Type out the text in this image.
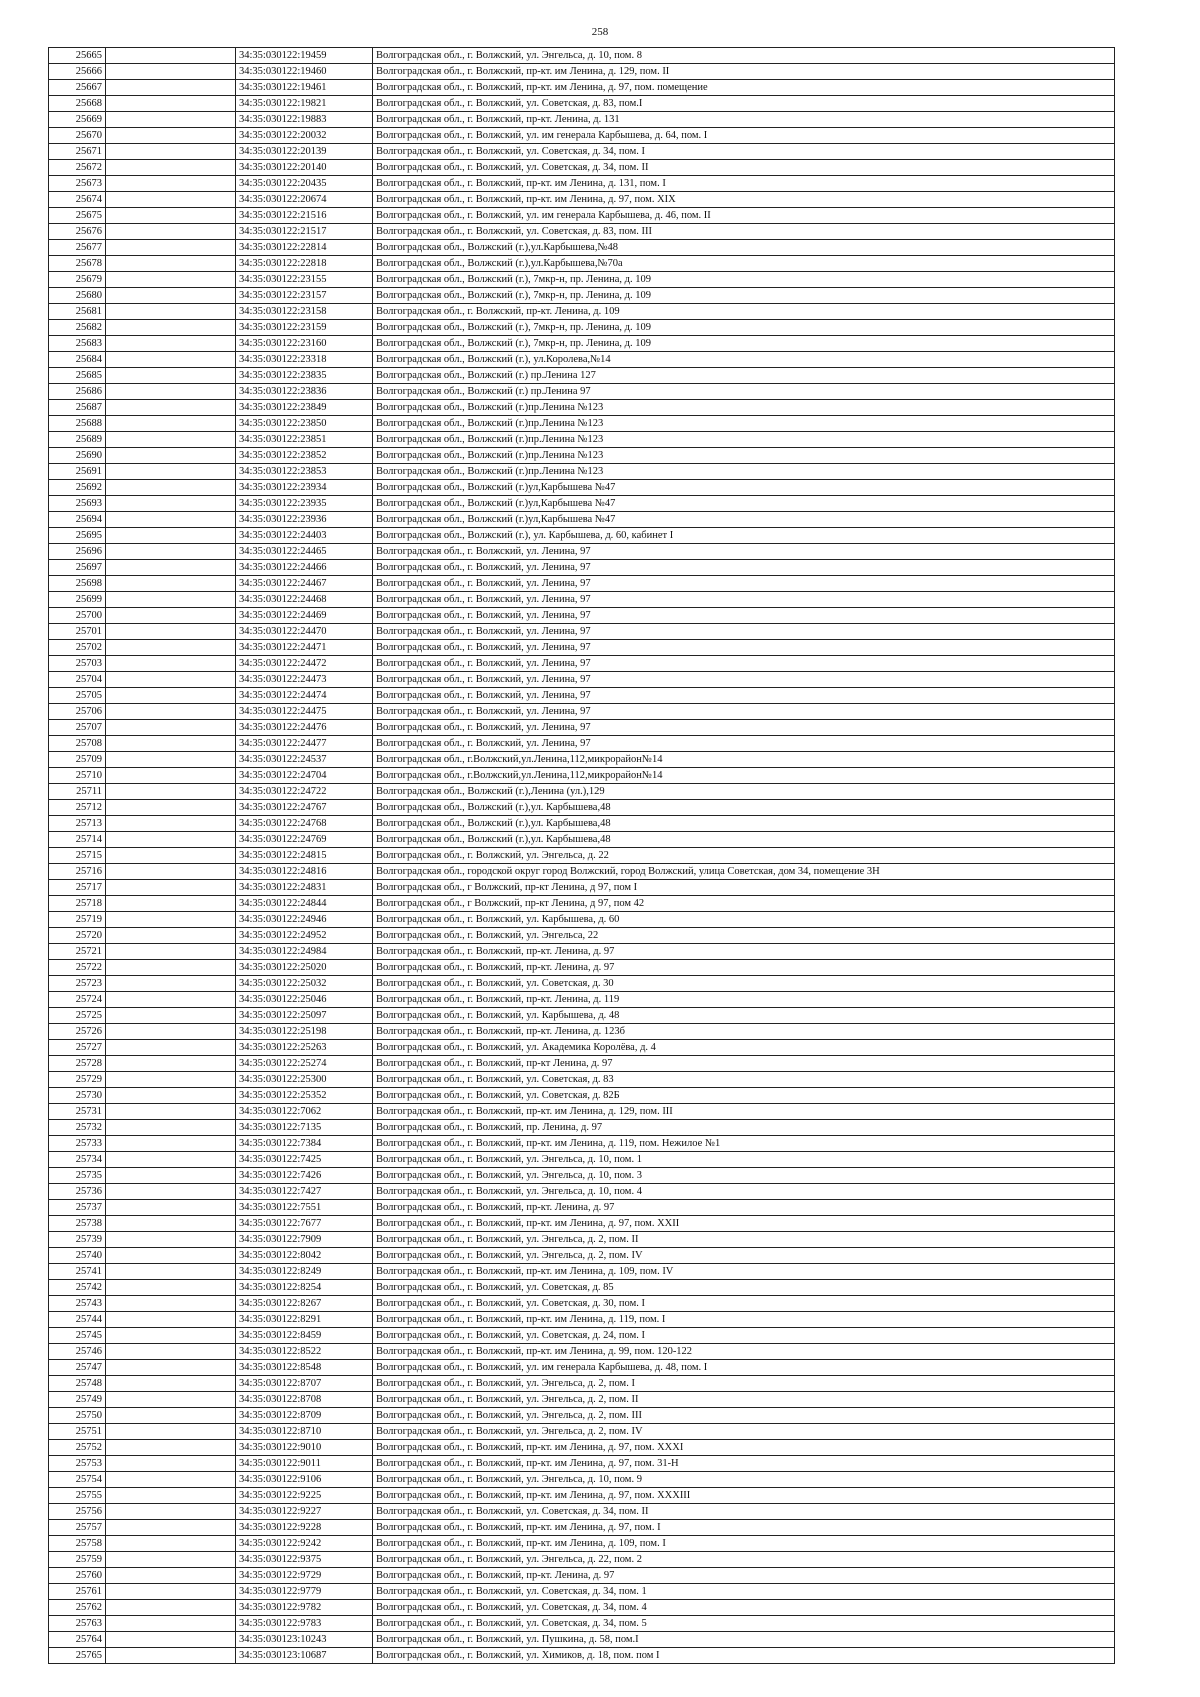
258
25665		34:35:030122:19459	Волгоградская обл., г. Волжский, ул. Энгельса, д. 10, пом. 8
25666		34:35:030122:19460	Волгоградская обл., г. Волжский, пр-кт. им Ленина, д. 129, пом. II
25667		34:35:030122:19461	Волгоградская обл., г. Волжский, пр-кт. им Ленина, д. 97, пом. помещение
25668		34:35:030122:19821	Волгоградская обл., г. Волжский, ул. Советская, д. 83, пом.I
25669		34:35:030122:19883	Волгоградская обл., г. Волжский, пр-кт. Ленина, д. 131
25670		34:35:030122:20032	Волгоградская обл., г. Волжский, ул. им генерала Карбышева, д. 64, пом. I
25671		34:35:030122:20139	Волгоградская обл., г. Волжский, ул. Советская, д. 34, пом. I
25672		34:35:030122:20140	Волгоградская обл., г. Волжский, ул. Советская, д. 34, пом. II
25673		34:35:030122:20435	Волгоградская обл., г. Волжский, пр-кт. им Ленина, д. 131, пом. I
25674		34:35:030122:20674	Волгоградская обл., г. Волжский, пр-кт. им Ленина, д. 97, пом. XIX
25675		34:35:030122:21516	Волгоградская обл., г. Волжский, ул. им генерала Карбышева, д. 46, пом. II
25676		34:35:030122:21517	Волгоградская обл., г. Волжский, ул. Советская, д. 83, пом. III
25677		34:35:030122:22814	Волгоградская обл., Волжский (г.),ул.Карбышева,№48
25678		34:35:030122:22818	Волгоградская обл., Волжский (г.),ул.Карбышева,№70а
25679		34:35:030122:23155	Волгоградская обл., Волжский (г.), 7мкр-н, пр. Ленина, д. 109
25680		34:35:030122:23157	Волгоградская обл., Волжский (г.), 7мкр-н, пр. Ленина, д. 109
25681		34:35:030122:23158	Волгоградская обл., г. Волжский, пр-кт. Ленина, д. 109
25682		34:35:030122:23159	Волгоградская обл., Волжский (г.), 7мкр-н, пр. Ленина, д. 109
25683		34:35:030122:23160	Волгоградская обл., Волжский (г.), 7мкр-н, пр. Ленина, д. 109
25684		34:35:030122:23318	Волгоградская обл., Волжский (г.), ул.Королева,№14
25685		34:35:030122:23835	Волгоградская обл., Волжский (г.) пр.Ленина 127
25686		34:35:030122:23836	Волгоградская обл., Волжский (г.) пр.Ленина 97
25687		34:35:030122:23849	Волгоградская обл., Волжский (г.)пр.Ленина №123
25688		34:35:030122:23850	Волгоградская обл., Волжский (г.)пр.Ленина №123
25689		34:35:030122:23851	Волгоградская обл., Волжский (г.)пр.Ленина №123
25690		34:35:030122:23852	Волгоградская обл., Волжский (г.)пр.Ленина №123
25691		34:35:030122:23853	Волгоградская обл., Волжский (г.)пр.Ленина №123
25692		34:35:030122:23934	Волгоградская обл., Волжский (г.)ул,Карбышева №47
25693		34:35:030122:23935	Волгоградская обл., Волжский (г.)ул,Карбышева №47
25694		34:35:030122:23936	Волгоградская обл., Волжский (г.)ул,Карбышева №47
25695		34:35:030122:24403	Волгоградская обл., Волжский (г.), ул. Карбышева, д. 60, кабинет I
25696		34:35:030122:24465	Волгоградская обл., г. Волжский, ул. Ленина, 97
25697		34:35:030122:24466	Волгоградская обл., г. Волжский, ул. Ленина, 97
25698		34:35:030122:24467	Волгоградская обл., г. Волжский, ул. Ленина, 97
25699		34:35:030122:24468	Волгоградская обл., г. Волжский, ул. Ленина, 97
25700		34:35:030122:24469	Волгоградская обл., г. Волжский, ул. Ленина, 97
25701		34:35:030122:24470	Волгоградская обл., г. Волжский, ул. Ленина, 97
25702		34:35:030122:24471	Волгоградская обл., г. Волжский, ул. Ленина, 97
25703		34:35:030122:24472	Волгоградская обл., г. Волжский, ул. Ленина, 97
25704		34:35:030122:24473	Волгоградская обл., г. Волжский, ул. Ленина, 97
25705		34:35:030122:24474	Волгоградская обл., г. Волжский, ул. Ленина, 97
25706		34:35:030122:24475	Волгоградская обл., г. Волжский, ул. Ленина, 97
25707		34:35:030122:24476	Волгоградская обл., г. Волжский, ул. Ленина, 97
25708		34:35:030122:24477	Волгоградская обл., г. Волжский, ул. Ленина, 97
25709		34:35:030122:24537	Волгоградская обл., г.Волжский,ул.Ленина,112,микрорайон№14
25710		34:35:030122:24704	Волгоградская обл., г.Волжский,ул.Ленина,112,микрорайон№14
25711		34:35:030122:24722	Волгоградская обл., Волжский (г.),Ленина (ул.),129
25712		34:35:030122:24767	Волгоградская обл., Волжский (г.),ул. Карбышева,48
25713		34:35:030122:24768	Волгоградская обл., Волжский (г.),ул. Карбышева,48
25714		34:35:030122:24769	Волгоградская обл., Волжский (г.),ул. Карбышева,48
25715		34:35:030122:24815	Волгоградская обл., г. Волжский, ул. Энгельса, д. 22
25716		34:35:030122:24816	Волгоградская обл., городской округ город Волжский, город Волжский, улица Советская, дом 34, помещение 3Н
25717		34:35:030122:24831	Волгоградская обл., г Волжский, пр-кт Ленина, д 97, пом I
25718		34:35:030122:24844	Волгоградская обл., г Волжский, пр-кт Ленина, д 97, пом 42
25719		34:35:030122:24946	Волгоградская обл., г. Волжский, ул. Карбышева, д. 60
25720		34:35:030122:24952	Волгоградская обл., г. Волжский, ул. Энгельса, 22
25721		34:35:030122:24984	Волгоградская обл., г. Волжский, пр-кт. Ленина, д. 97
25722		34:35:030122:25020	Волгоградская обл., г. Волжский, пр-кт. Ленина, д. 97
25723		34:35:030122:25032	Волгоградская обл., г. Волжский, ул. Советская, д. 30
25724		34:35:030122:25046	Волгоградская обл., г. Волжский, пр-кт. Ленина, д. 119
25725		34:35:030122:25097	Волгоградская обл., г. Волжский, ул. Карбышева, д. 48
25726		34:35:030122:25198	Волгоградская обл., г. Волжский, пр-кт. Ленина, д. 123б
25727		34:35:030122:25263	Волгоградская обл., г. Волжский, ул. Академика Королёва, д. 4
25728		34:35:030122:25274	Волгоградская обл., г. Волжский, пр-кт Ленина, д. 97
25729		34:35:030122:25300	Волгоградская обл., г. Волжский, ул. Советская, д. 83
25730		34:35:030122:25352	Волгоградская обл., г. Волжский, ул. Советская, д. 82Б
25731		34:35:030122:7062	Волгоградская обл., г. Волжский, пр-кт. им Ленина, д. 129, пом. III
25732		34:35:030122:7135	Волгоградская обл., г. Волжский, пр. Ленина, д. 97
25733		34:35:030122:7384	Волгоградская обл., г. Волжский, пр-кт. им Ленина, д. 119, пом. Нежилое №1
25734		34:35:030122:7425	Волгоградская обл., г. Волжский, ул. Энгельса, д. 10, пом. 1
25735		34:35:030122:7426	Волгоградская обл., г. Волжский, ул. Энгельса, д. 10, пом. 3
25736		34:35:030122:7427	Волгоградская обл., г. Волжский, ул. Энгельса, д. 10, пом. 4
25737		34:35:030122:7551	Волгоградская обл., г. Волжский, пр-кт. Ленина, д. 97
25738		34:35:030122:7677	Волгоградская обл., г. Волжский, пр-кт. им Ленина, д. 97, пом. XXII
25739		34:35:030122:7909	Волгоградская обл., г. Волжский, ул. Энгельса, д. 2, пом. II
25740		34:35:030122:8042	Волгоградская обл., г. Волжский, ул. Энгельса, д. 2, пом. IV
25741		34:35:030122:8249	Волгоградская обл., г. Волжский, пр-кт. им Ленина, д. 109, пом. IV
25742		34:35:030122:8254	Волгоградская обл., г. Волжский, ул. Советская, д. 85
25743		34:35:030122:8267	Волгоградская обл., г. Волжский, ул. Советская, д. 30, пом. I
25744		34:35:030122:8291	Волгоградская обл., г. Волжский, пр-кт. им Ленина, д. 119, пом. I
25745		34:35:030122:8459	Волгоградская обл., г. Волжский, ул. Советская, д. 24, пом. I
25746		34:35:030122:8522	Волгоградская обл., г. Волжский, пр-кт. им Ленина, д. 99, пом. 120-122
25747		34:35:030122:8548	Волгоградская обл., г. Волжский, ул. им генерала Карбышева, д. 48, пом. I
25748		34:35:030122:8707	Волгоградская обл., г. Волжский, ул. Энгельса, д. 2, пом. I
25749		34:35:030122:8708	Волгоградская обл., г. Волжский, ул. Энгельса, д. 2, пом. II
25750		34:35:030122:8709	Волгоградская обл., г. Волжский, ул. Энгельса, д. 2, пом. III
25751		34:35:030122:8710	Волгоградская обл., г. Волжский, ул. Энгельса, д. 2, пом. IV
25752		34:35:030122:9010	Волгоградская обл., г. Волжский, пр-кт. им Ленина, д. 97, пом. XXXI
25753		34:35:030122:9011	Волгоградская обл., г. Волжский, пр-кт. им Ленина, д. 97, пом. 31-Н
25754		34:35:030122:9106	Волгоградская обл., г. Волжский, ул. Энгельса, д. 10, пом. 9
25755		34:35:030122:9225	Волгоградская обл., г. Волжский, пр-кт. им Ленина, д. 97, пом. XXXIII
25756		34:35:030122:9227	Волгоградская обл., г. Волжский, ул. Советская, д. 34, пом. II
25757		34:35:030122:9228	Волгоградская обл., г. Волжский, пр-кт. им Ленина, д. 97, пом. I
25758		34:35:030122:9242	Волгоградская обл., г. Волжский, пр-кт. им Ленина, д. 109, пом. I
25759		34:35:030122:9375	Волгоградская обл., г. Волжский, ул. Энгельса, д. 22, пом. 2
25760		34:35:030122:9729	Волгоградская обл., г. Волжский, пр-кт. Ленина, д. 97
25761		34:35:030122:9779	Волгоградская обл., г. Волжский, ул. Советская, д. 34, пом. 1
25762		34:35:030122:9782	Волгоградская обл., г. Волжский, ул. Советская, д. 34, пом. 4
25763		34:35:030122:9783	Волгоградская обл., г. Волжский, ул. Советская, д. 34, пом. 5
25764		34:35:030123:10243	Волгоградская обл., г. Волжский, ул. Пушкина, д. 58, пом.I
25765		34:35:030123:10687	Волгоградская обл., г. Волжский, ул. Химиков, д. 18, пом. пом I
